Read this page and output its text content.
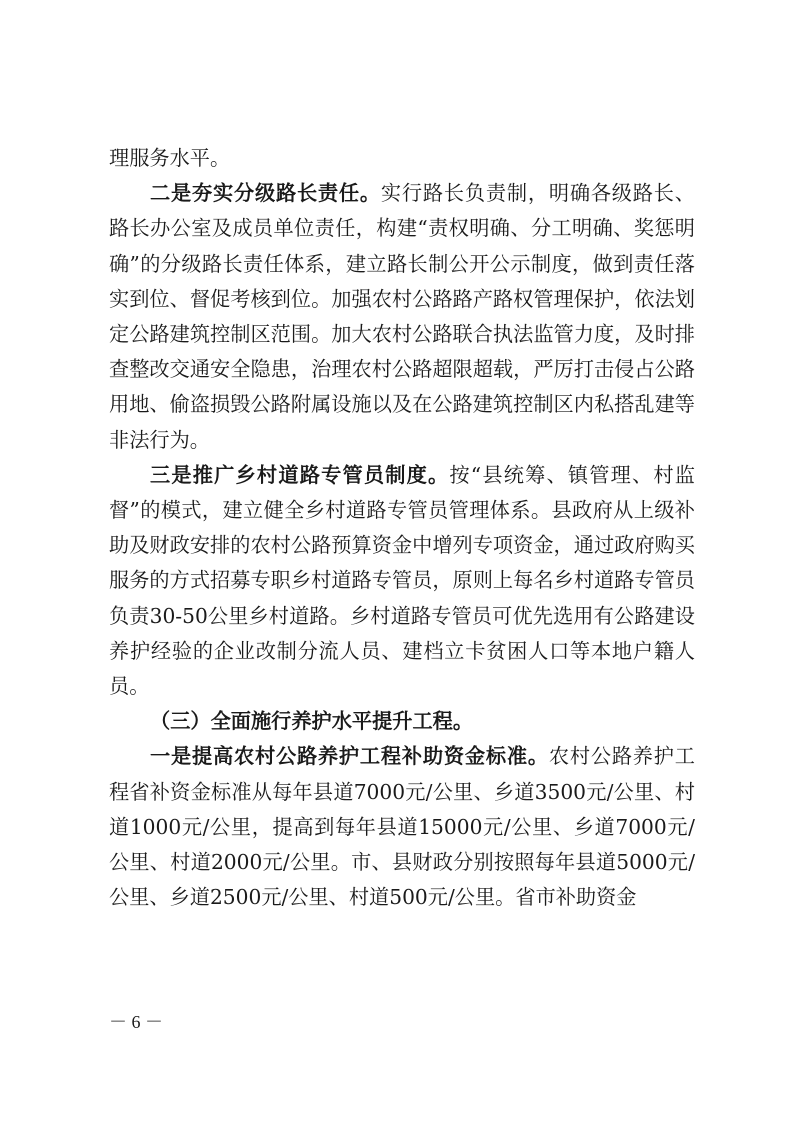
理服务水平。

二是夯实分级路长责任。实行路长负责制，明确各级路长、路长办公室及成员单位责任，构建“责权明确、分工明确、奖惩明确”的分级路长责任体系，建立路长制公开公示制度，做到责任落实到位、督促考核到位。加强农村公路路产路权管理保护，依法划定公路建筑控制区范围。加大农村公路联合执法监管力度，及时排查整改交通安全隐患，治理农村公路超限超载，严厉打击侵占公路用地、偷盗损毁公路附属设施以及在公路建筑控制区内私搭乱建等非法行为。

三是推广乡村道路专管员制度。按“县统筹、镇管理、村监督”的模式，建立健全乡村道路专管员管理体系。县政府从上级补助及财政安排的农村公路预算资金中增列专项资金，通过政府购买服务的方式招募专职乡村道路专管员，原则上每名乡村道路专管员负责30-50公里乡村道路。乡村道路专管员可优先选用有公路建设养护经验的企业改制分流人员、建档立卡贫困人口等本地户籍人员。

（三）全面施行养护水平提升工程。

一是提高农村公路养护工程补助资金标准。农村公路养护工程省补资金标准从每年县道7000元/公里、乡道3500元/公里、村道1000元/公里，提高到每年县道15000元/公里、乡道7000元/公里、村道2000元/公里。市、县财政分别按照每年县道5000元/公里、乡道2500元/公里、村道500元/公里。省市补助资金

－ 6 －
